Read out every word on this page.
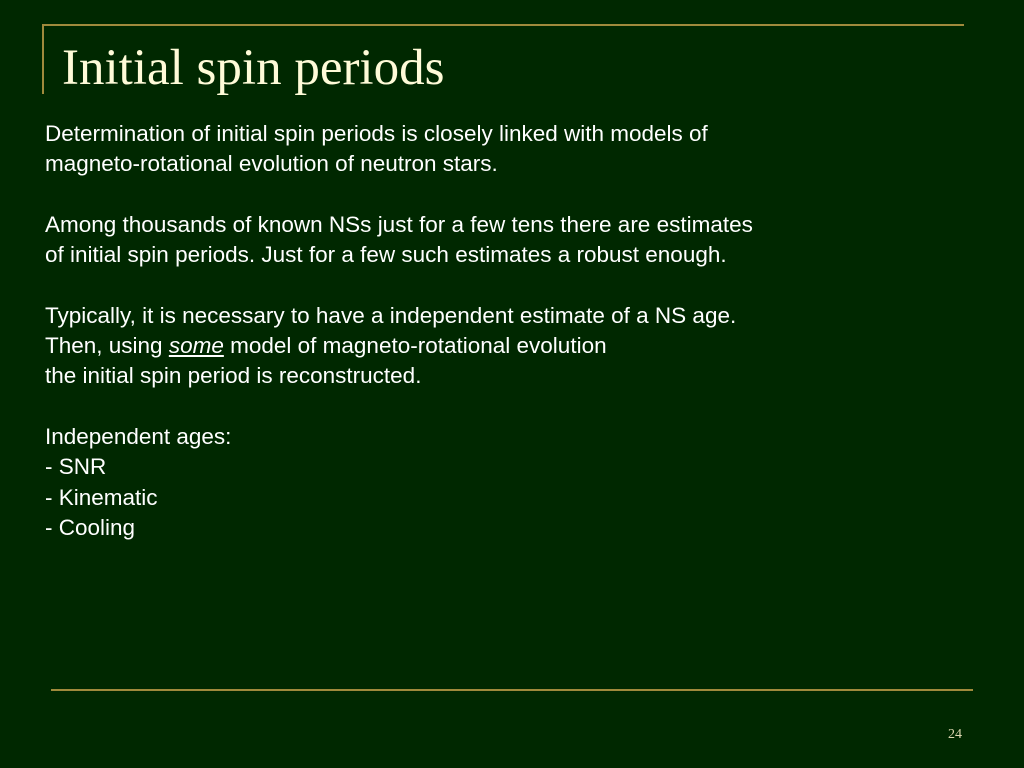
Initial spin periods
Determination of initial spin periods is closely linked with models of
magneto-rotational evolution of neutron stars.
Among thousands of known NSs just for a few tens there are estimates
of initial spin periods. Just for a few such estimates a robust enough.
Typically, it is necessary to have a independent estimate of a NS age.
Then, using some model of magneto-rotational evolution
the initial spin period is reconstructed.
Independent ages:
- SNR
- Kinematic
- Cooling
24
